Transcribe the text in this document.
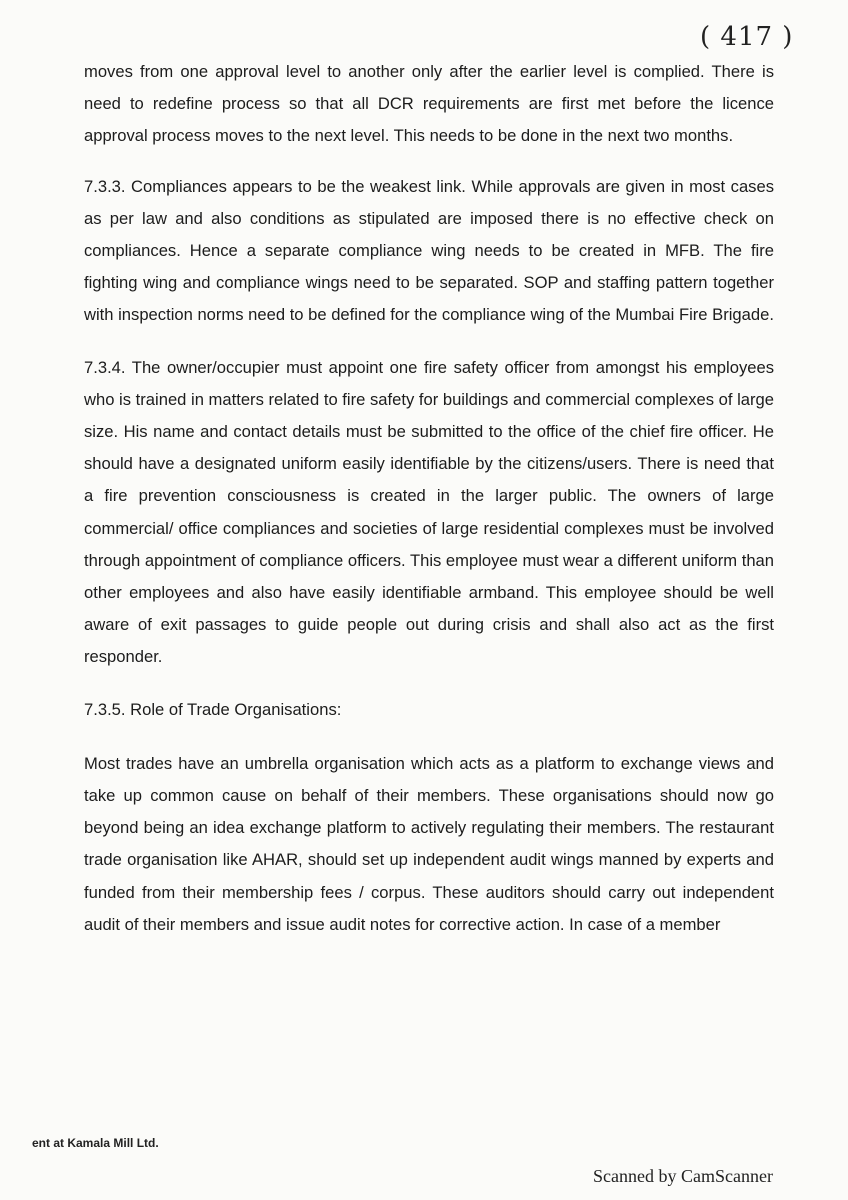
( 417 )

moves from one approval level to another only after the earlier level is complied. There is need to redefine process so that all DCR requirements are first met before the licence approval process moves to the next level. This needs to be done in the next two months.

7.3.3. Compliances appears to be the weakest link. While approvals are given in most cases as per law and also conditions as stipulated are imposed there is no effective check on compliances. Hence a separate compliance wing needs to be created in MFB. The fire fighting wing and compliance wings need to be separated. SOP and staffing pattern together with inspection norms need to be defined for the compliance wing of the Mumbai Fire Brigade.

7.3.4. The owner/occupier must appoint one fire safety officer from amongst his employees who is trained in matters related to fire safety for buildings and commercial complexes of large size. His name and contact details must be submitted to the office of the chief fire officer. He should have a designated uniform easily identifiable by the citizens/users. There is need that a fire prevention consciousness is created in the larger public. The owners of large commercial/ office compliances and societies of large residential complexes must be involved through appointment of compliance officers. This employee must wear a different uniform than other employees and also have easily identifiable armband. This employee should be well aware of exit passages to guide people out during crisis and shall also act as the first responder.

7.3.5. Role of Trade Organisations:

Most trades have an umbrella organisation which acts as a platform to exchange views and take up common cause on behalf of their members. These organisations should now go beyond being an idea exchange platform to actively regulating their members. The restaurant trade organisation like AHAR, should set up independent audit wings manned by experts and funded from their membership fees / corpus. These auditors should carry out independent audit of their members and issue audit notes for corrective action. In case of a member

ent at Kamala Mill Ltd.
Scanned by CamScanner
